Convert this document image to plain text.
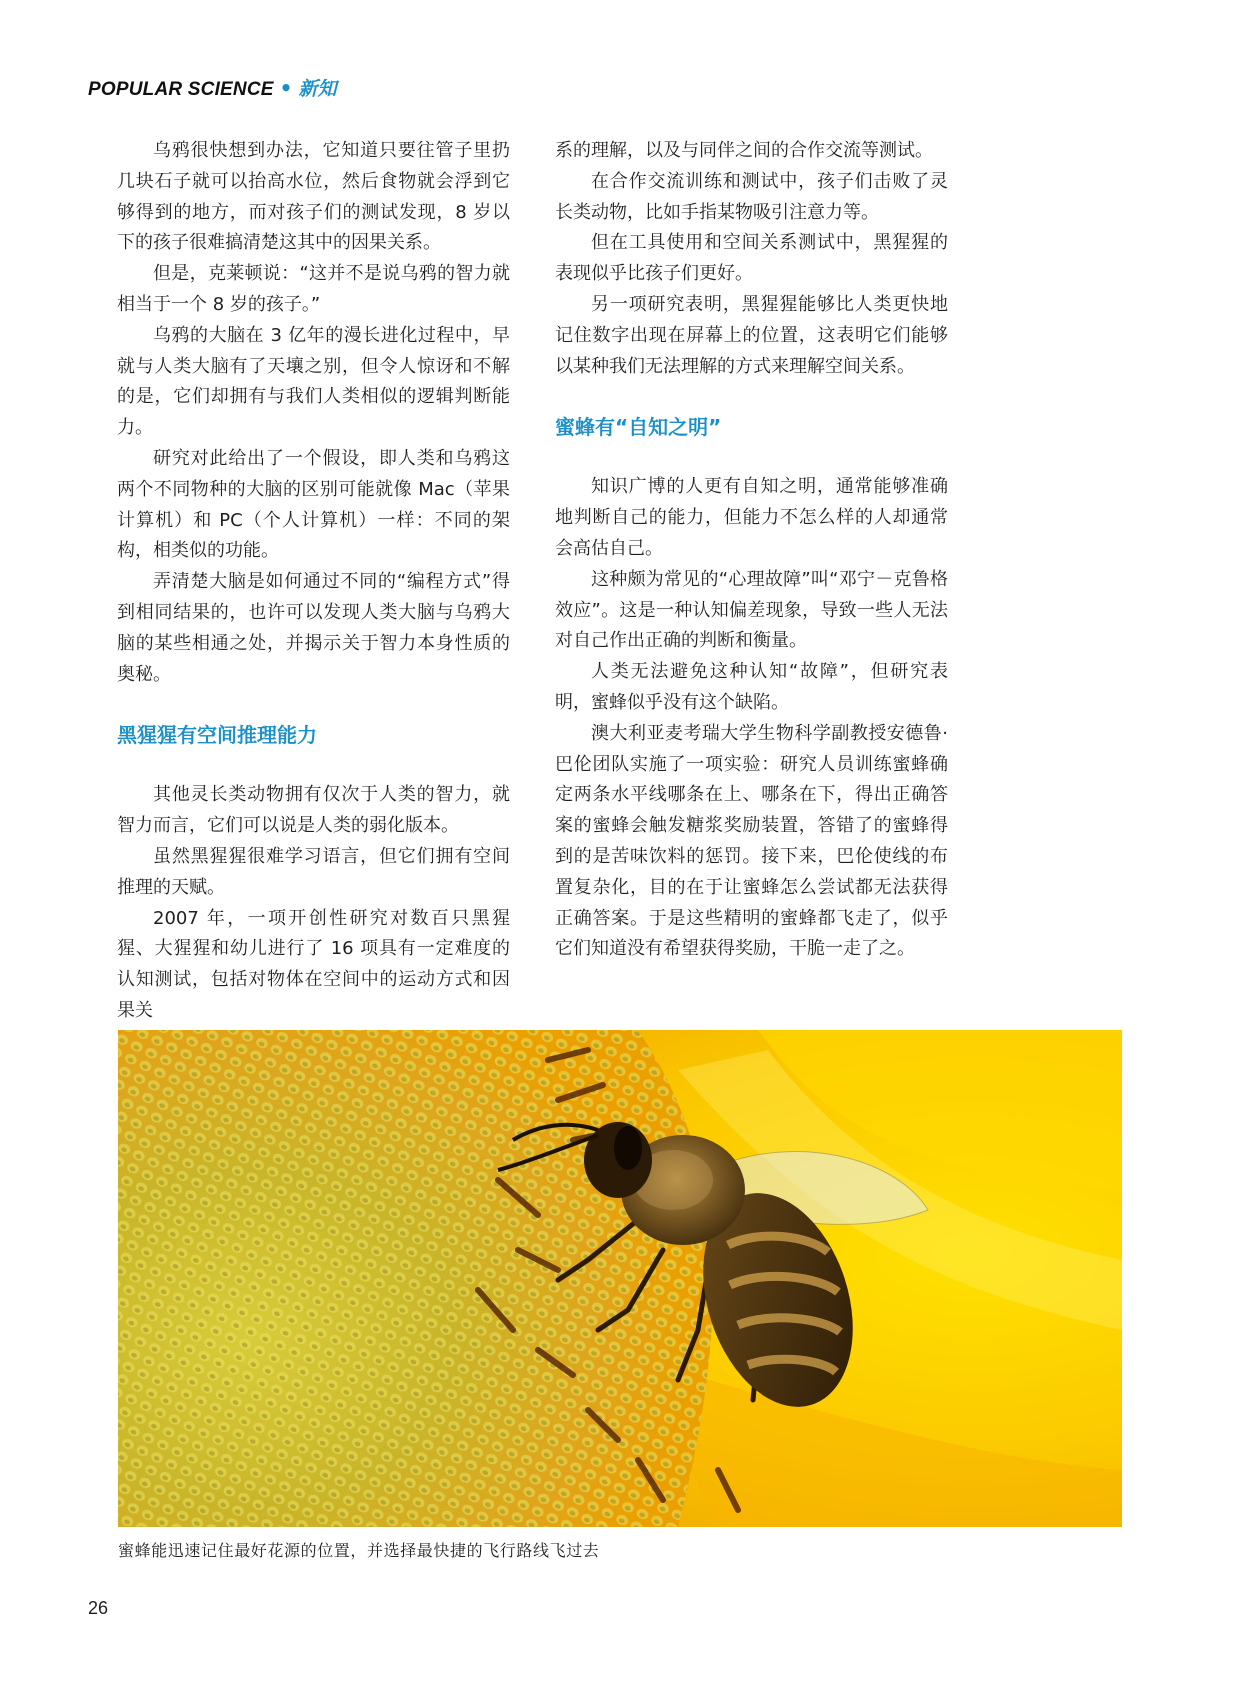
POPULAR SCIENCE • 新知

乌鸦很快想到办法，它知道只要往管子里扔几块石子就可以抬高水位，然后食物就会浮到它够得到的地方，而对孩子们的测试发现，8 岁以下的孩子很难搞清楚这其中的因果关系。

但是，克莱顿说：“这并不是说乌鸦的智力就相当于一个 8 岁的孩子。”

乌鸦的大脑在 3 亿年的漫长进化过程中，早就与人类大脑有了天壤之别，但令人惊讶和不解的是，它们却拥有与我们人类相似的逻辑判断能力。

研究对此给出了一个假设，即人类和乌鸦这两个不同物种的大脑的区别可能就像 Mac（苹果计算机）和 PC（个人计算机）一样：不同的架构，相类似的功能。

弄清楚大脑是如何通过不同的“编程方式”得到相同结果的，也许可以发现人类大脑与乌鸦大脑的某些相通之处，并揭示关于智力本身性质的奥秘。

黑猩猩有空间推理能力

其他灵长类动物拥有仅次于人类的智力，就智力而言，它们可以说是人类的弱化版本。

虽然黑猩猩很难学习语言，但它们拥有空间推理的天赋。

2007 年，一项开创性研究对数百只黑猩猩、大猩猩和幼儿进行了 16 项具有一定难度的认知测试，包括对物体在空间中的运动方式和因果关

系的理解，以及与同伴之间的合作交流等测试。

在合作交流训练和测试中，孩子们击败了灵长类动物，比如手指某物吸引注意力等。

但在工具使用和空间关系测试中，黑猩猩的表现似乎比孩子们更好。

另一项研究表明，黑猩猩能够比人类更快地记住数字出现在屏幕上的位置，这表明它们能够以某种我们无法理解的方式来理解空间关系。

蜜蜂有“自知之明”

知识广博的人更有自知之明，通常能够准确地判断自己的能力，但能力不怎么样的人却通常会高估自己。

这种颇为常见的“心理故障”叫“邓宁－克鲁格效应”。这是一种认知偏差现象，导致一些人无法对自己作出正确的判断和衡量。

人类无法避免这种认知“故障”，但研究表明，蜜蜂似乎没有这个缺陷。

澳大利亚麦考瑞大学生物科学副教授安德鲁·巴伦团队实施了一项实验：研究人员训练蜜蜂确定两条水平线哪条在上、哪条在下，得出正确答案的蜜蜂会触发糖浆奖励装置，答错了的蜜蜂得到的是苦味饮料的惩罚。接下来，巴伦使线的布置复杂化，目的在于让蜜蜂怎么尝试都无法获得正确答案。于是这些精明的蜜蜂都飞走了，似乎它们知道没有希望获得奖励，干脆一走了之。

蜜蜂能迅速记住最好花源的位置，并选择最快捷的飞行路线飞过去
26
